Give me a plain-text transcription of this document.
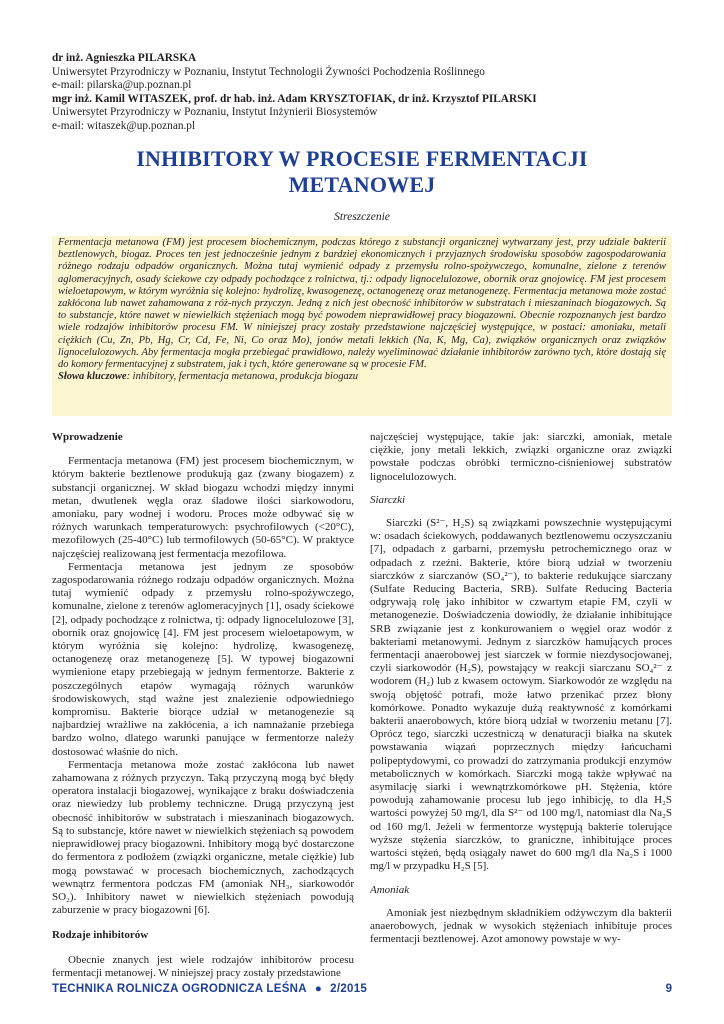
dr inż. Agnieszka PILARSKA
Uniwersytet Przyrodniczy w Poznaniu, Instytut Technologii Żywności Pochodzenia Roślinnego
e-mail: pilarska@up.poznan.pl
mgr inż. Kamil WITASZEK, prof. dr hab. inż. Adam KRYSZTOFIAK, dr inż. Krzysztof PILARSKI
Uniwersytet Przyrodniczy w Poznaniu, Instytut Inżynierii Biosystemów
e-mail: witaszek@up.poznan.pl
INHIBITORY W PROCESIE FERMENTACJI
METANOWEJ
Streszczenie

Fermentacja metanowa (FM) jest procesem biochemicznym, podczas którego z substancji organicznej wytwarzany jest, przy udziale bakterii beztlenowych, biogaz. Proces ten jest jednocześnie jednym z bardziej ekonomicznych i przyjaznych środowisku sposobów zagospodarowania różnego rodzaju odpadów organicznych. Można tutaj wymienić odpady z przemysłu rolno-spożywczego, komunalne, zielone z terenów aglomeracyjnych, osady ściekowe czy odpady pochodzące z rolnictwa, tj.: odpady lignocelulozowe, obornik oraz gnojowicę. FM jest procesem wieloetapowym, w którym wyróżnia się kolejno: hydrolizę, kwasogenezę, octanogenezę oraz metanogenezę. Fermentacja metanowa może zostać zakłócona lub nawet zahamowana z róż-nych przyczyn. Jedną z nich jest obecność inhibitorów w substratach i mieszaninach biogazowych. Są to substancje, które nawet w niewielkich stężeniach mogą być powodem nieprawidłowej pracy biogazowni. Obecnie rozpoznanych jest bardzo wiele rodzajów inhibitorów procesu FM. W niniejszej pracy zostały przedstawione najczęściej występujące, w postaci: amoniaku, metali ciężkich (Cu, Zn, Pb, Hg, Cr, Cd, Fe, Ni, Co oraz Mo), jonów metali lekkich (Na, K, Mg, Ca), związków organicznych oraz związków lignocelulozowych. Aby fermentacja mogła przebiegać prawidłowo, należy wyeliminować działanie inhibitorów zarówno tych, które dostają się do komory fermentacyjnej z substratem, jak i tych, które generowane są w procesie FM.

Słowa kluczowe: inhibitory, fermentacja metanowa, produkcja biogazu

Wprowadzenie

Fermentacja metanowa (FM) jest procesem biochemicznym, w którym bakterie beztlenowe produkują gaz (zwany biogazem) z substancji organicznej. W skład biogazu wchodzi między innymi metan, dwutlenek węgla oraz śladowe ilości siarkowodoru, amoniaku, pary wodnej i wodoru. Proces może odbywać się w różnych warunkach temperaturowych: psychrofilowych (<20°C), mezofilowych (25-40°C) lub termofilowych (50-65°C). W praktyce najczęściej realizowaną jest fermentacja mezofilowa.

Fermentacja metanowa jest jednym ze sposobów zagospodarowania różnego rodzaju odpadów organicznych. Można tutaj wymienić odpady z przemysłu rolno-spożywczego, komunalne, zielone z terenów aglomeracyjnych [1], osady ściekowe [2], odpady pochodzące z rolnictwa, tj: odpady lignocelulozowe [3], obornik oraz gnojowicę [4]. FM jest procesem wieloetapowym, w którym wyróżnia się kolejno: hydrolizę, kwasogenezę, octanogenezę oraz metanogenezę [5]. W typowej biogazowni wymienione etapy przebiegają w jednym fermentorze. Bakterie z poszczególnych etapów wymagają różnych warunków środowiskowych, stąd ważne jest znalezienie odpowiedniego kompromisu. Bakterie biorące udział w metanogenezie są najbardziej wrażliwe na zakłócenia, a ich namnażanie przebiega bardzo wolno, dlatego warunki panujące w fermentorze należy dostosować właśnie do nich.

Fermentacja metanowa może zostać zakłócona lub nawet zahamowana z różnych przyczyn. Taką przyczyną mogą być błędy operatora instalacji biogazowej, wynikające z braku doświadczenia oraz niewiedzy lub problemy techniczne. Drugą przyczyną jest obecność inhibitorów w substratach i mieszaninach biogazowych. Są to substancje, które nawet w niewielkich stężeniach są powodem nieprawidłowej pracy biogazowni. Inhibitory mogą być dostarczone do fermentora z podłożem (związki organiczne, metale ciężkie) lub mogą powstawać w procesach biochemicznych, zachodzących wewnątrz fermentora podczas FM (amoniak NH₃, siarkowodór SO₂). Inhibitory nawet w niewielkich stężeniach powodują zaburzenie w pracy biogazowni [6].

Rodzaje inhibitorów

Obecnie znanych jest wiele rodzajów inhibitorów procesu fermentacji metanowej. W niniejszej pracy zostały przedstawione

najczęściej występujące, takie jak: siarczki, amoniak, metale ciężkie, jony metali lekkich, związki organiczne oraz związki powstałe podczas obróbki termiczno-ciśnieniowej substratów lignocelulozowych.

Siarczki

Siarczki (S²⁻, H₂S) są związkami powszechnie występującymi w: osadach ściekowych, poddawanych beztlenowemu oczyszczaniu [7], odpadach z garbarni, przemysłu petrochemicznego oraz w odpadach z rzeźni. Bakterie, które biorą udział w tworzeniu siarczków z siarczanów (SO₄²⁻), to bakterie redukujące siarczany (Sulfate Reducing Bacteria, SRB). Sulfate Reducing Bacteria odgrywają rolę jako inhibitor w czwartym etapie FM, czyli w metanogenezie. Doświadczenia dowiodły, że działanie inhibitujące SRB związanie jest z konkurowaniem o węgiel oraz wodór z bakteriami metanowymi. Jednym z siarczków hamujących proces fermentacji anaerobowej jest siarczek w formie niezdysocjowanej, czyli siarkowodór (H₂S), powstający w reakcji siarczanu SO₄²⁻ z wodorem (H₂) lub z kwasem octowym. Siarkowodór ze względu na swoją objętość potrafi, może łatwo przenikać przez błony komórkowe. Ponadto wykazuje dużą reaktywność z komórkami bakterii anaerobowych, które biorą udział w tworzeniu metanu [7]. Oprócz tego, siarczki uczestniczą w denaturacji białka na skutek powstawania wiązań poprzecznych między łańcuchami polipeptydowymi, co prowadzi do zatrzymania produkcji enzymów metabolicznych w komórkach. Siarczki mogą także wpływać na asymilację siarki i wewnątrzkomórkowe pH. Stężenia, które powodują zahamowanie procesu lub jego inhibicję, to dla H₂S wartości powyżej 50 mg/l, dla S²⁻ od 100 mg/l, natomiast dla Na₂S od 160 mg/l. Jeżeli w fermentorze występują bakterie tolerujące wyższe stężenia siarczków, to graniczne, inhibitujące proces wartości stężeń, będą osiągały nawet do 600 mg/l dla Na₂S i 1000 mg/l w przypadku H₂S [5].

Amoniak

Amoniak jest niezbędnym składnikiem odżywczym dla bakterii anaerobowych, jednak w wysokich stężeniach inhibituje proces fermentacji beztlenowej. Azot amonowy powstaje w wy-

TECHNIKA ROLNICZA OGRODNICZA LEŚNA ● 2/2015	9
